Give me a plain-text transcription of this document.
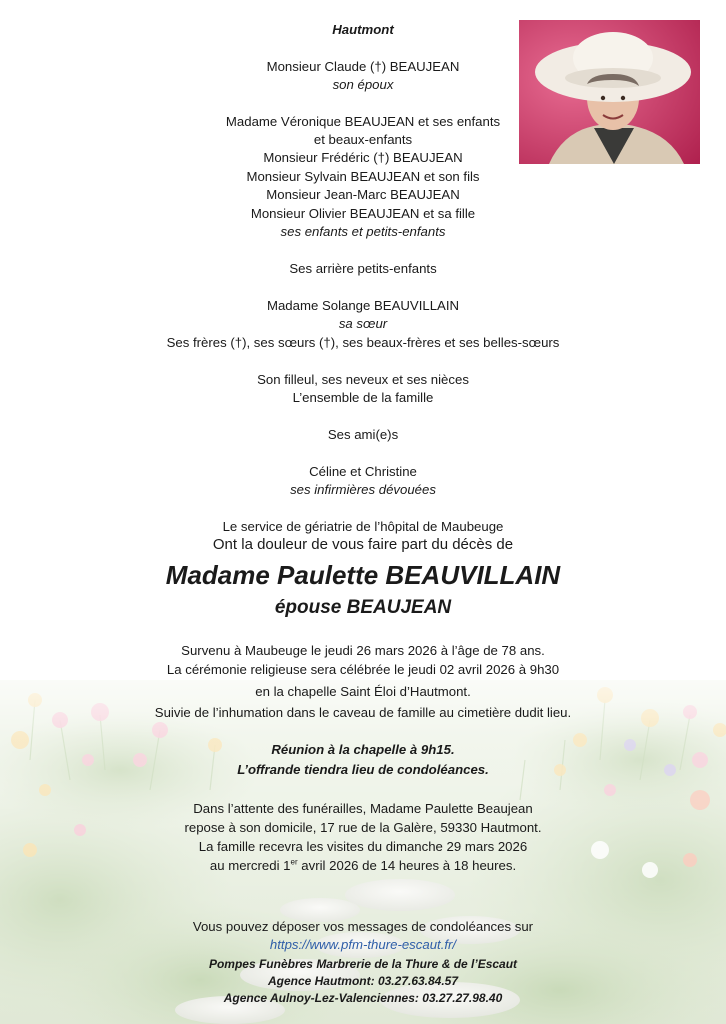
Hautmont
Monsieur Claude (†) BEAUJEAN
son époux
Madame Véronique BEAUJEAN et ses enfants
et beaux-enfants
Monsieur Frédéric (†) BEAUJEAN
Monsieur Sylvain BEAUJEAN et son fils
Monsieur Jean-Marc BEAUJEAN
Monsieur Olivier BEAUJEAN et sa fille
ses enfants et petits-enfants
Ses arrière petits-enfants
Madame Solange BEAUVILLAIN
sa sœur
Ses frères (†), ses sœurs (†), ses beaux-frères et ses belles-sœurs
Son filleul, ses neveux et ses nièces
L’ensemble de la famille
Ses ami(e)s
Céline et Christine
ses infirmières dévouées
Le service de gériatrie de l’hôpital de Maubeuge
Ont la douleur de vous faire part du décès de
Madame Paulette BEAUVILLAIN
épouse BEAUJEAN
Survenu à Maubeuge le jeudi 26 mars 2026 à l’âge de 78 ans.
La cérémonie religieuse sera célébrée le jeudi 02 avril 2026 à 9h30
en la chapelle Saint Éloi d’Hautmont.
Suivie de l’inhumation dans le caveau de famille au cimetière dudit lieu.
Réunion à la chapelle à 9h15.
L’offrande tiendra lieu de condoléances.
Dans l’attente des funérailles, Madame Paulette Beaujean
repose à son domicile, 17 rue de la Galère, 59330 Hautmont.
La famille recevra les visites du dimanche 29 mars 2026
au mercredi 1er avril 2026 de 14 heures à 18 heures.
Vous pouvez déposer vos messages de condoléances sur
https://www.pfm-thure-escaut.fr/
Pompes Funèbres Marbrerie de la Thure & de l’Escaut
Agence Hautmont: 03.27.63.84.57
Agence Aulnoy-Lez-Valenciennes: 03.27.27.98.40
